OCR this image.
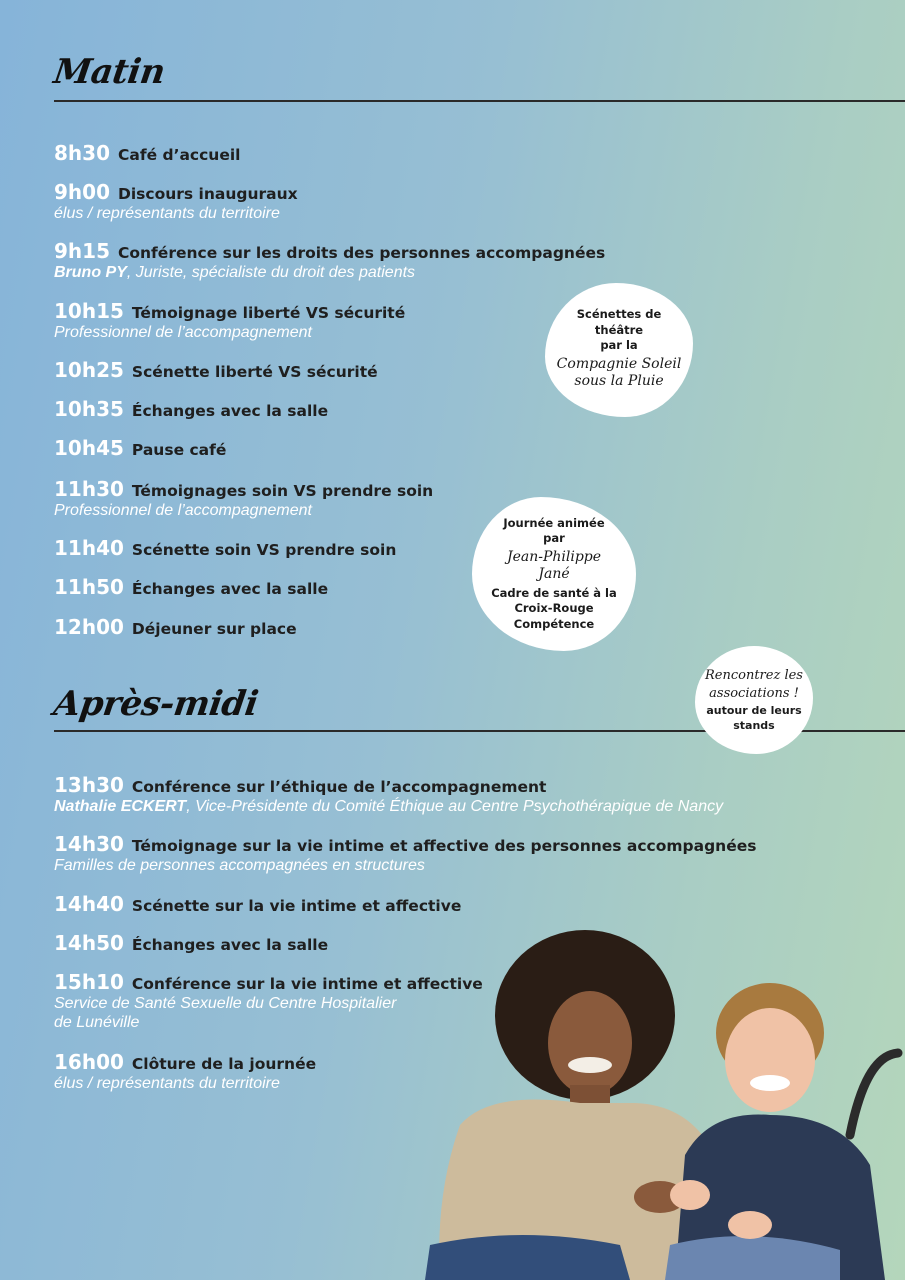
Matin
8h30 Café d’accueil
9h00 Discours inauguraux
élus / représentants du territoire
9h15 Conférence sur les droits des personnes accompagnées
Bruno PY, Juriste, spécialiste du droit des patients
10h15 Témoignage liberté VS sécurité
Professionnel de l’accompagnement
10h25 Scénette liberté VS sécurité
10h35 Échanges avec la salle
10h45 Pause café
11h30 Témoignages soin VS prendre soin
Professionnel de l’accompagnement
11h40 Scénette soin VS prendre soin
11h50 Échanges avec la salle
12h00 Déjeuner sur place
Après-midi
13h30 Conférence sur l’éthique de l’accompagnement
Nathalie ECKERT, Vice-Présidente du Comité Éthique au Centre Psychothérapique de Nancy
14h30 Témoignage sur la vie intime et affective des personnes accompagnées
Familles de personnes accompagnées en structures
14h40 Scénette sur la vie intime et affective
14h50 Échanges avec la salle
15h10 Conférence sur la vie intime et affective
Service de Santé Sexuelle du Centre Hospitalier
de Lunéville
16h00 Clôture de la journée
élus / représentants du territoire
Scénettes de
théâtre
par la
Compagnie Soleil
sous la Pluie
Journée animée
par
Jean-Philippe
Jané
Cadre de santé à la
Croix-Rouge
Compétence
Rencontrez les
associations !
autour de leurs
stands
